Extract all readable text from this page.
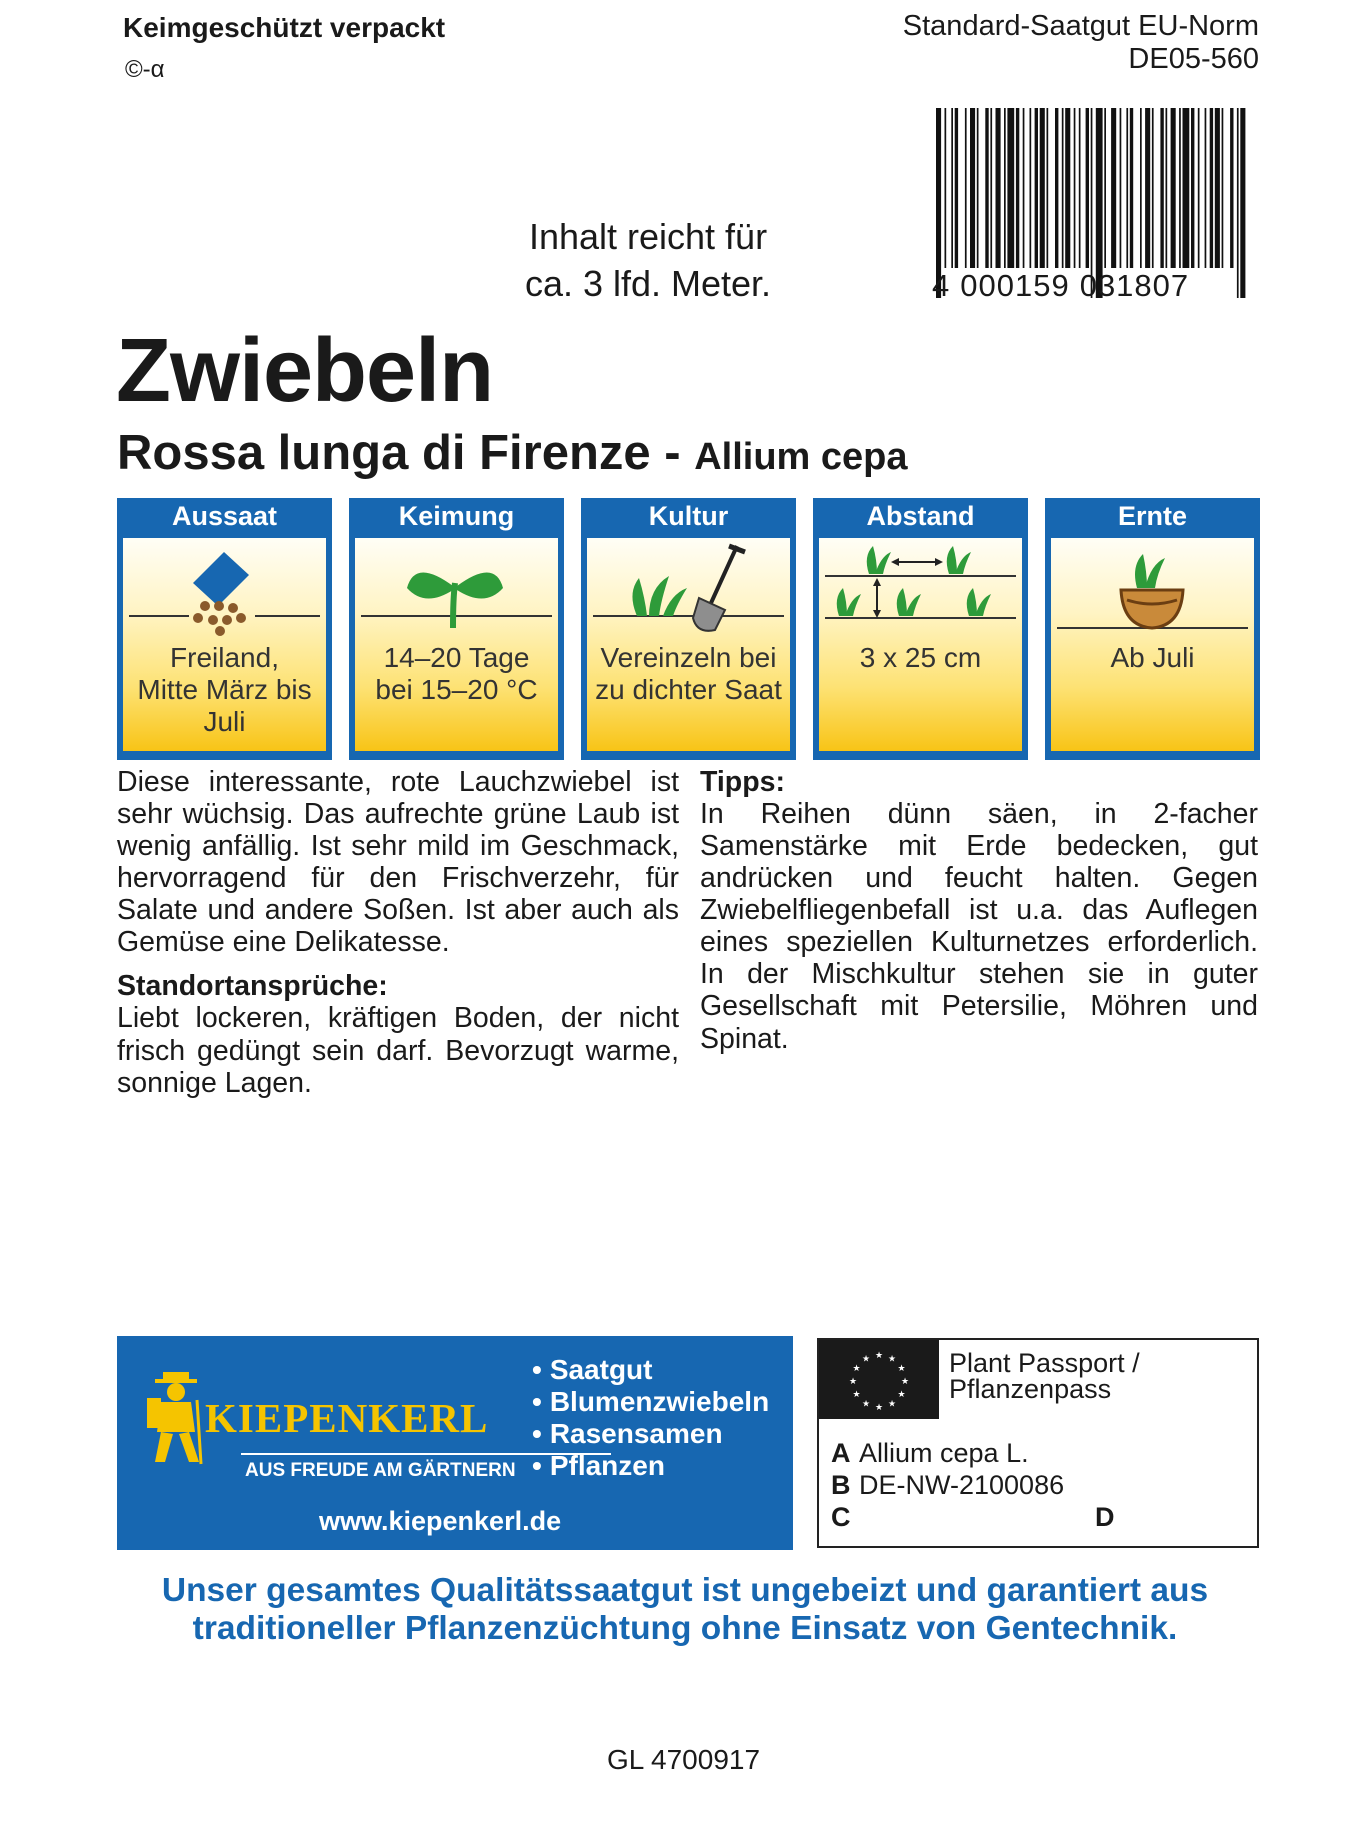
Keimgeschützt verpackt
©-α
Standard-Saatgut EU-Norm
DE05-560
4 000159 031807
Inhalt reicht für
ca. 3 lfd. Meter.
Zwiebeln
Rossa lunga di Firenze - Allium cepa
Aussaat
Freiland,
Mitte März bis
Juli
Keimung
14–20 Tage
bei 15–20 °C
Kultur
Vereinzeln bei
zu dichter Saat
Abstand
3 x 25 cm
Ernte
Ab Juli

Diese interessante, rote Lauchzwiebel ist sehr wüchsig. Das aufrechte grüne Laub ist wenig anfällig. Ist sehr mild im Geschmack, hervorragend für den Frischverzehr, für Salate und andere Soßen. Ist aber auch als Gemüse eine Delikatesse.

Standortansprüche:

Liebt lockeren, kräftigen Boden, der nicht frisch gedüngt sein darf. Bevorzugt warme, sonnige Lagen.

Tipps:

In Reihen dünn säen, in 2-facher Samenstärke mit Erde bedecken, gut andrücken und feucht halten. Gegen Zwiebelfliegenbefall ist u.a. das Auflegen eines speziellen Kulturnetzes erforderlich. In der Mischkultur stehen sie in guter Gesellschaft mit Petersilie, Möhren und Spinat.

KIEPENKERL
AUS FREUDE AM GÄRTNERN
www.kiepenkerl.de
• Saatgut
• Blumenzwiebeln
• Rasensamen
• Pflanzen
★
★
★
★
★
★
★
★
★ ★ ★
★ Plant Passport /
Pflanzenpass
A Allium cepa L.
B DE-NW-2100086
C	D
Unser gesamtes Qualitätssaatgut ist ungebeizt und garantiert aus
traditioneller Pflanzenzüchtung ohne Einsatz von Gentechnik.
GL 4700917
